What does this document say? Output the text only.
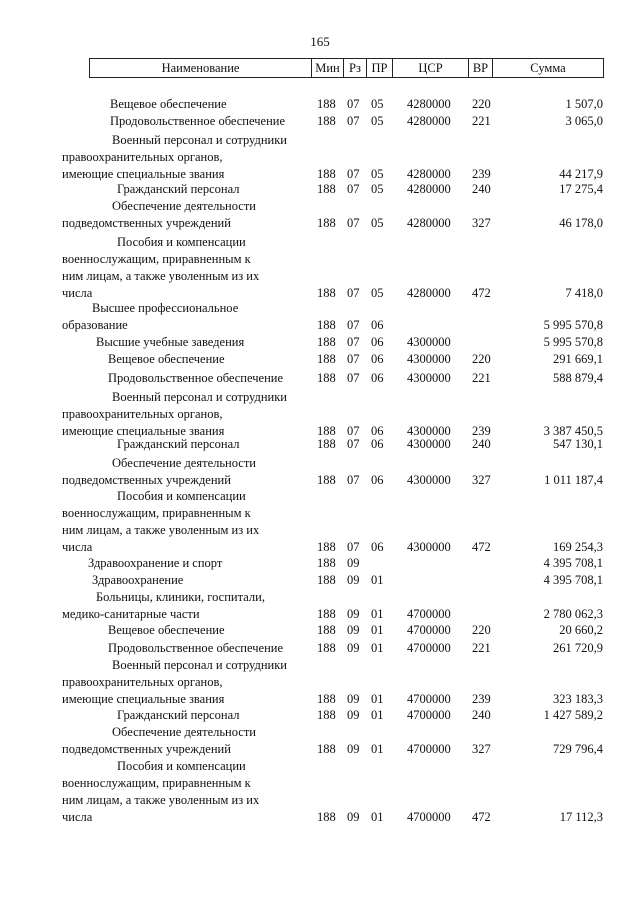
165
Наименование	Мин Рз ПР	ЦСР	ВР	Сумма
Вещевое обеспечение	188 07 05 4280000 220	1 507,0
Продовольственное обеспечение	188 07 05 4280000 221	3 065,0
Военный персонал и сотрудники
правоохранительных органов,
имеющие специальные звания	188 07 05 4280000 239	44 217,9
Гражданский персонал	188 07 05 4280000 240	17 275,4
Обеспечение деятельности
подведомственных учреждений	188 07 05 4280000 327	46 178,0
Пособия и компенсации
военнослужащим, приравненным к
ним лицам, а также уволенным из их
числа	188 07 05 4280000 472	7 418,0
Высшее профессиональное
образование	188 07 06	5 995 570,8
Высшие учебные заведения	188 07 06 4300000	5 995 570,8
Вещевое обеспечение	188 07 06 4300000 220	291 669,1
Продовольственное обеспечение	188 07 06 4300000 221	588 879,4
Военный персонал и сотрудники
правоохранительных органов,
имеющие специальные звания	188 07 06 4300000 239	3 387 450,5
Гражданский персонал	188 07 06 4300000 240	547 130,1
Обеспечение деятельности
подведомственных учреждений	188 07 06 4300000 327	1 011 187,4
Пособия и компенсации
военнослужащим, приравненным к
ним лицам, а также уволенным из их
числа	188 07 06 4300000 472	169 254,3
Здравоохранение и спорт	188 09	4 395 708,1
Здравоохранение	188 09 01	4 395 708,1
Больницы, клиники, госпитали,
медико-санитарные части	188 09 01 4700000	2 780 062,3
Вещевое обеспечение	188 09 01 4700000 220	20 660,2
Продовольственное обеспечение	188 09 01 4700000 221	261 720,9
Военный персонал и сотрудники
правоохранительных органов,
имеющие специальные звания	188 09 01 4700000 239	323 183,3
Гражданский персонал	188 09 01 4700000 240	1 427 589,2
Обеспечение деятельности
подведомственных учреждений	188 09 01 4700000 327	729 796,4
Пособия и компенсации
военнослужащим, приравненным к
ним лицам, а также уволенным из их
числа	188 09 01 4700000 472	17 112,3
